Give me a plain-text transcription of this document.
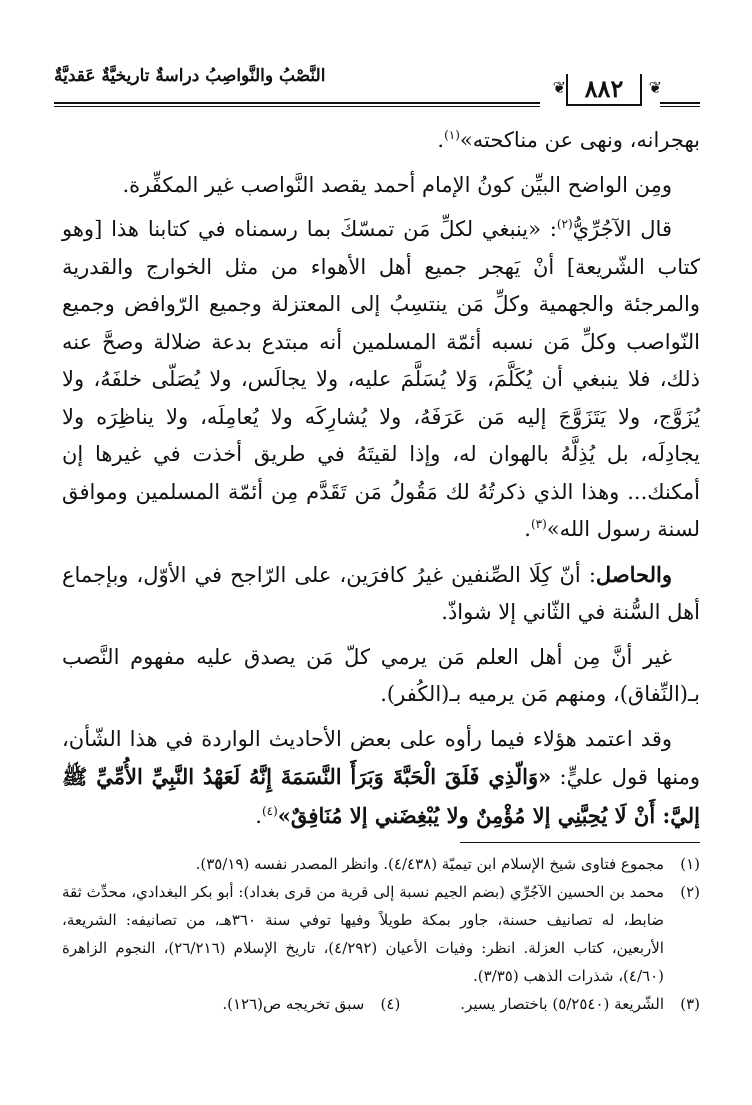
❦
٨٨٢
❦
النَّصْبُ والنَّواصِبُ دراسةٌ تاريخيَّةٌ عَقديَّةٌ

بهجرانه، ونهى عن مناكحته»$^{(١)}$.

ومِن الواضح البيِّن كونُ الإمام أحمد يقصد النَّواصب غير المكفِّرة.

قال الآجُرِّيُّ$^{(٢)}$: «ينبغي لكلِّ مَن تمسّكَ بما رسمناه في كتابنا هذا [وهو كتاب الشّريعة] أنْ يَهجر جميع أهل الأهواء من مثل الخوارج والقدرية والمرجئة والجهمية وكلِّ مَن ينتسِبُ إلى المعتزلة وجميع الرّوافض وجميع النّواصب وكلِّ مَن نسبه أئمّة المسلمين أنه مبتدع بدعة ضلالة وصحَّ عنه ذلك، فلا ينبغي أن يُكَلَّمَ، وَلا يُسَلَّمَ عليه، ولا يجالَس، ولا يُصَلّى خلفَهُ، ولا يُزَوَّج، ولا يَتَزَوَّجَ إليه مَن عَرَفَهُ، ولا يُشارِكَه ولا يُعامِلَه، ولا يناظِرَه ولا يجادِلَه، بل يُذِلَّهُ بالهوان له، وإذا لقيتَهُ في طريق أخذت في غيرها إن أمكنك... وهذا الذي ذكرتُهُ لك مَقُولُ مَن تَقَدَّم مِن أئمّة المسلمين وموافق لسنة رسول الله»$^{(٣)}$.

والحاصل: أنّ كِلَا الصِّنفين غيرُ كافرَين، على الرّاجح في الأوّل، وبإجماع أهل السُّنة في الثّاني إلا شواذّ.

غير أنَّ مِن أهل العلم مَن يرمي كلّ مَن يصدق عليه مفهوم النَّصب بـ(النِّفاق)، ومنهم مَن يرميه بـ(الكُفر).

وقد اعتمد هؤلاء فيما رأوه على بعض الأحاديث الواردة في هذا الشّأن، ومنها قول عليٍّ: «وَالّذِي فَلَقَ الْحَبَّةَ وَبَرَأَ النَّسَمَةَ إِنَّهُ لَعَهْدُ النَّبِيِّ الأُمِّيِّ ﷺ إليَّ: أَنْ لَا يُحِبَّنِي إلا مُؤْمِنٌ ولا يُبْغِضَني إلا مُنَافِقٌ»$^{(٤)}$.

(١)
مجموع فتاوى شيخ الإسلام ابن تيميّة (٤/٤٣٨). وانظر المصدر نفسه (٣٥/١٩).

(٢)
محمد بن الحسين الآجُرِّي (بضم الجيم نسبة إلى قرية من قرى بغداد): أبو بكر البغدادي، محدِّث ثقة ضابط، له تصانيف حسنة، جاور بمكة طويلاً وفيها توفي سنة ٣٦٠هـ، من تصانيفه: الشريعة، الأربعين، كتاب العزلة. انظر: وفيات الأعيان (٤/٢٩٢)، تاريخ الإسلام (٢٦/٢١٦)، النجوم الزاهرة (٤/٦٠)، شذرات الذهب (٣/٣٥).

(٣)
الشّريعة (٥/٢٥٤٠) باختصار يسير.

(٤)
سبق تخريجه ص(١٢٦).
